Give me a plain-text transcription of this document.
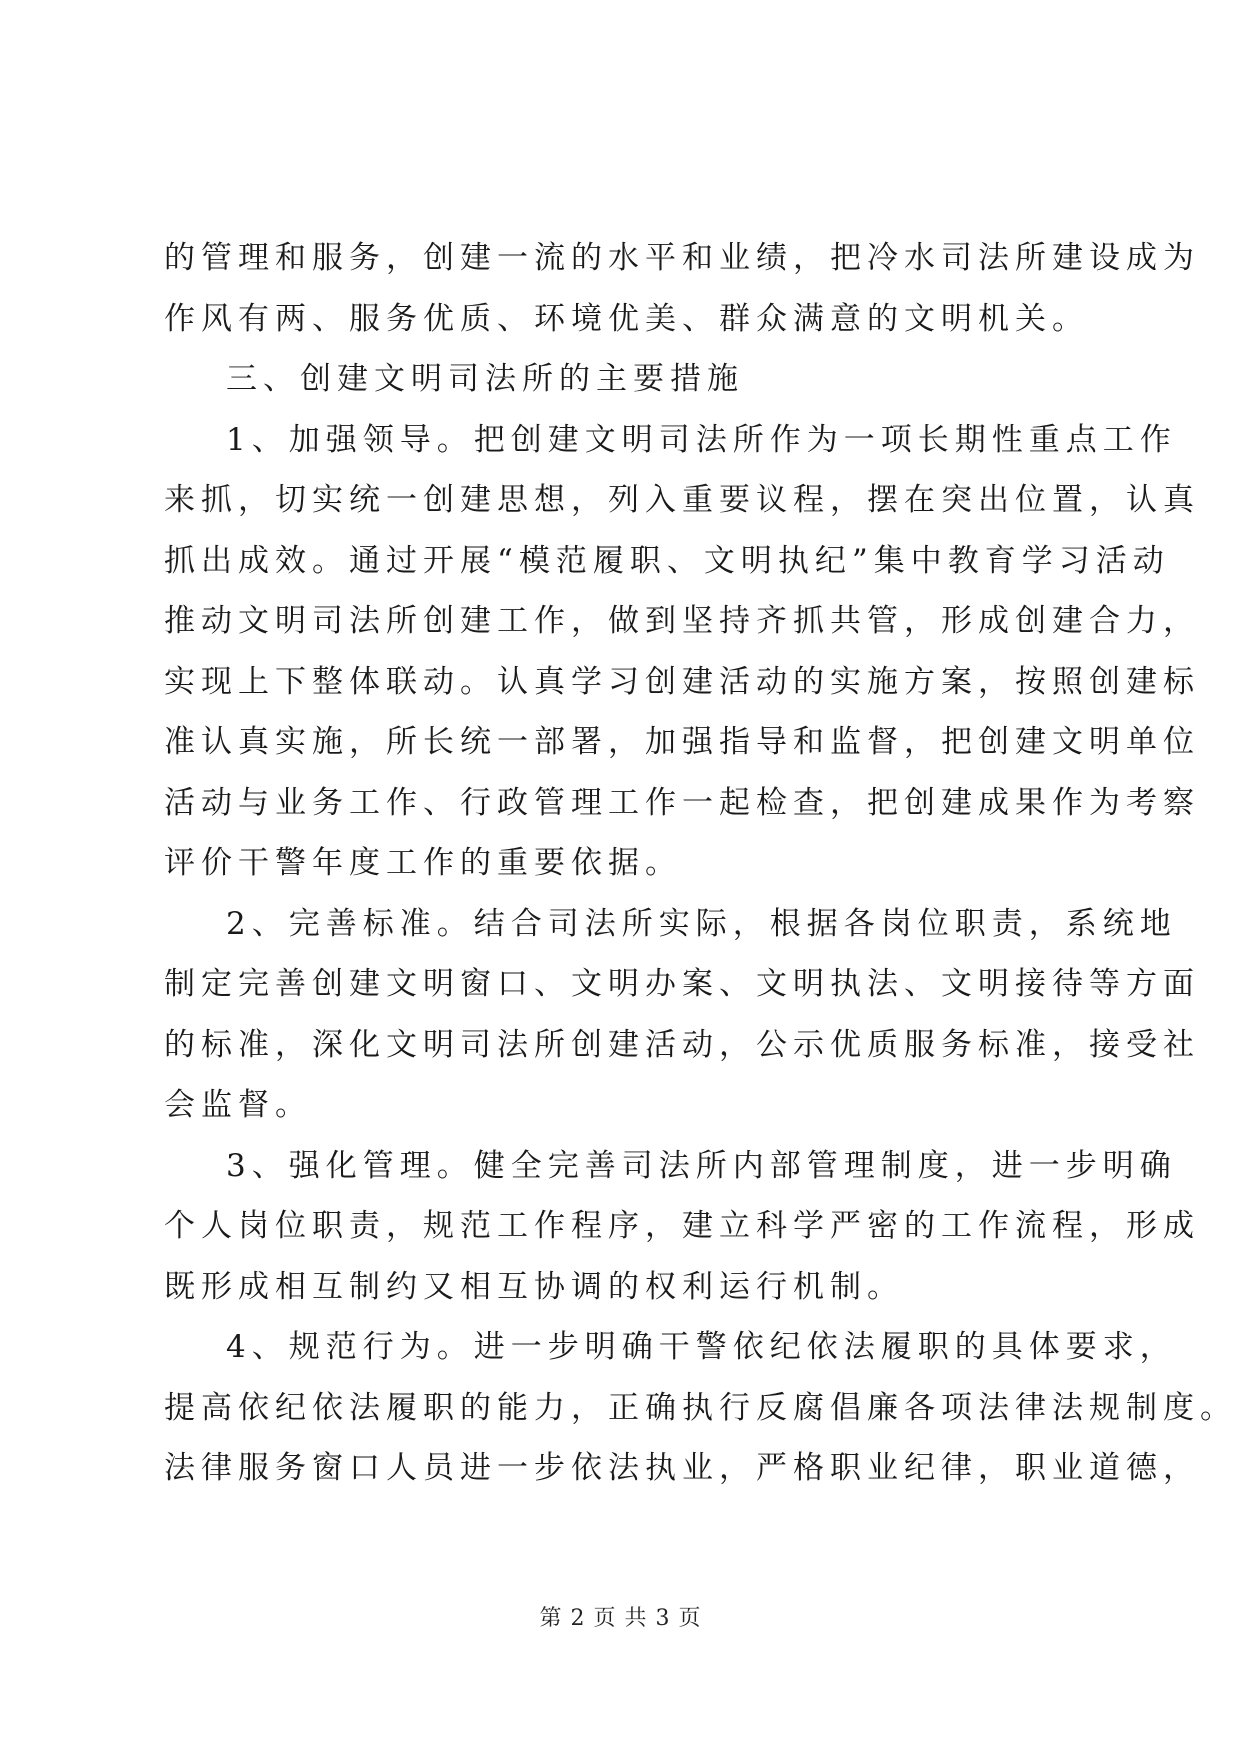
的管理和服务，创建一流的水平和业绩，把冷水司法所建设成为
作风有两、服务优质、环境优美、群众满意的文明机关。
三、创建文明司法所的主要措施
1、加强领导。把创建文明司法所作为一项长期性重点工作
来抓，切实统一创建思想，列入重要议程，摆在突出位置，认真
抓出成效。通过开展“模范履职、文明执纪”集中教育学习活动
推动文明司法所创建工作，做到坚持齐抓共管，形成创建合力，
实现上下整体联动。认真学习创建活动的实施方案，按照创建标
准认真实施，所长统一部署，加强指导和监督，把创建文明单位
活动与业务工作、行政管理工作一起检查，把创建成果作为考察
评价干警年度工作的重要依据。
2、完善标准。结合司法所实际，根据各岗位职责，系统地
制定完善创建文明窗口、文明办案、文明执法、文明接待等方面
的标准，深化文明司法所创建活动，公示优质服务标准，接受社
会监督。
3、强化管理。健全完善司法所内部管理制度，进一步明确
个人岗位职责，规范工作程序，建立科学严密的工作流程，形成
既形成相互制约又相互协调的权利运行机制。
4、规范行为。进一步明确干警依纪依法履职的具体要求，
提高依纪依法履职的能力，正确执行反腐倡廉各项法律法规制度。
法律服务窗口人员进一步依法执业，严格职业纪律，职业道德，
第 2 页 共 3 页
